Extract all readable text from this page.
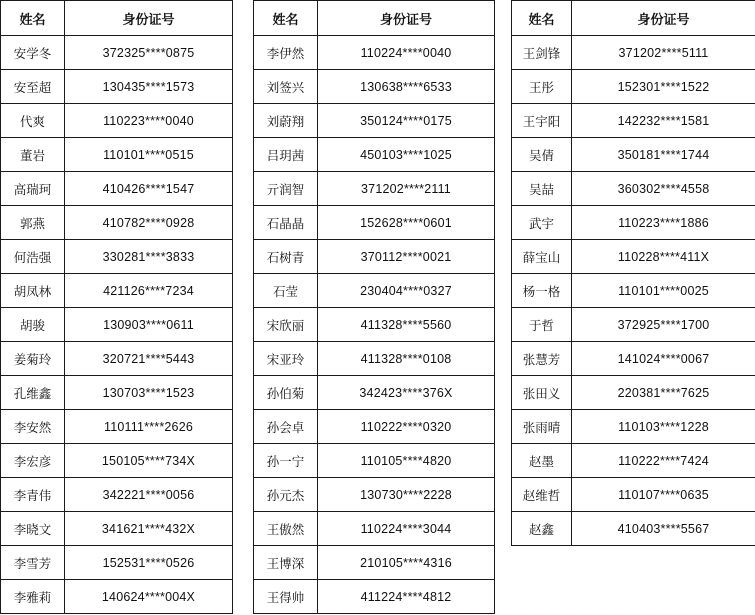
姓名	身份证号
安学冬	372325****0875
安至超	130435****1573
代爽	110223****0040
董岩	110101****0515
高瑞珂	410426****1547
郭燕	410782****0928
何浩强	330281****3833
胡凤林	421126****7234
胡骏	130903****0611
姜菊玲	320721****5443
孔维鑫	130703****1523
李安然	110111****2626
李宏彦	150105****734X
李青伟	342221****0056
李晓文	341621****432X
李雪芳	152531****0526
李雅莉	140624****004X
姓名	身份证号
李伊然	110224****0040
刘签兴	130638****6533
刘蔚翔	350124****0175
吕玥茜	450103****1025
亓润智	371202****2111
石晶晶	152628****0601
石树青	370112****0021
石莹	230404****0327
宋欣丽	411328****5560
宋亚玲	411328****0108
孙伯菊	342423****376X
孙会卓	110222****0320
孙一宁	110105****4820
孙元杰	130730****2228
王傲然	110224****3044
王博深	210105****4316
王得帅	411224****4812
姓名	身份证号
王剑锋	371202****5111
王彤	152301****1522
王宇阳	142232****1581
吴倩	350181****1744
吴喆	360302****4558
武宇	110223****1886
薛宝山	110228****411X
杨一格	110101****0025
于哲	372925****1700
张慧芳	141024****0067
张田义	220381****7625
张雨晴	110103****1228
赵墨	110222****7424
赵维哲	110107****0635
赵鑫	410403****5567
